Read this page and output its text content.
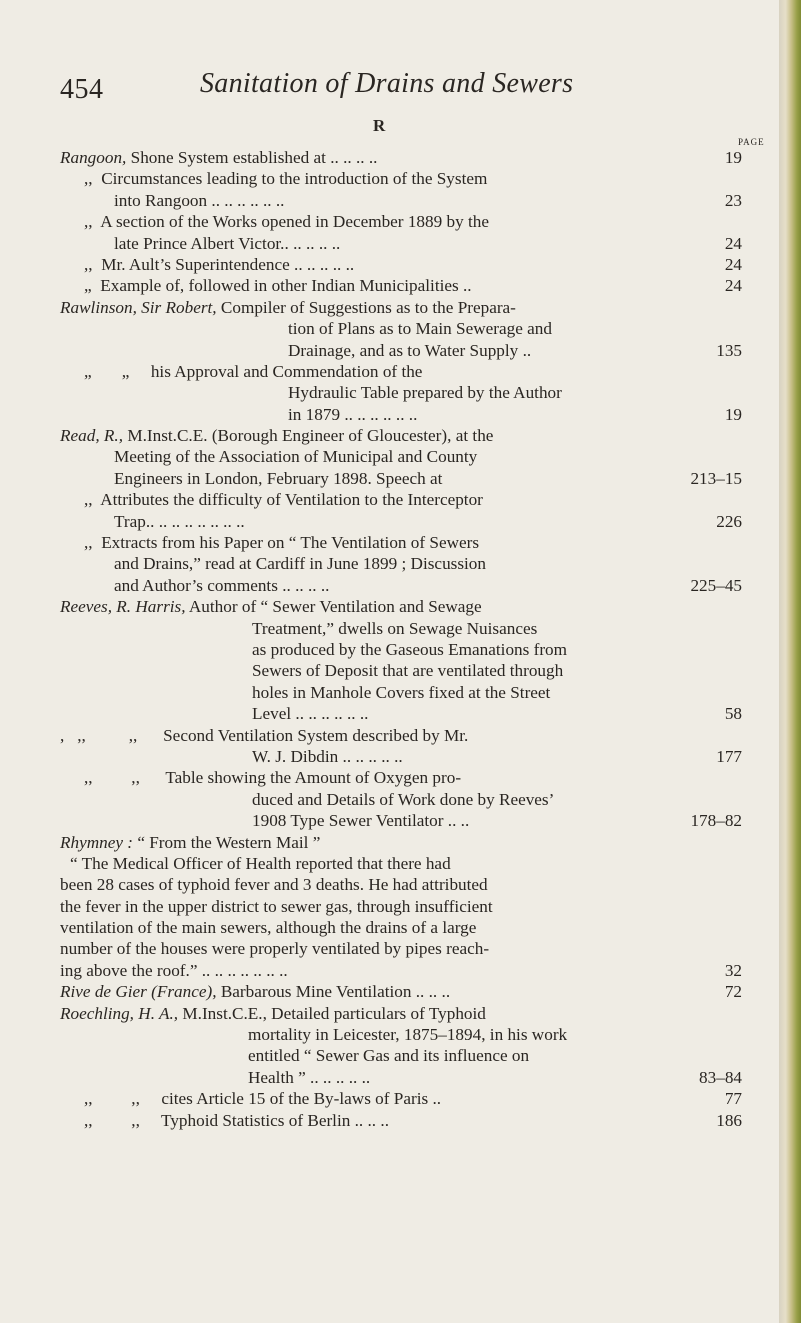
454	Sanitation of Drains and Sewers
R
PAGE
Rangoon, Shone System established at .. .. .. ..	19
,,  Circumstances leading to the introduction of the System
into Rangoon .. .. .. .. .. ..	23
,,  A section of the Works opened in December 1889 by the
late Prince Albert Victor.. .. .. .. ..	24
,,  Mr. Ault’s Superintendence .. .. .. .. ..	24
„  Example of, followed in other Indian Municipalities ..	24
Rawlinson, Sir Robert, Compiler of Suggestions as to the Prepara-
tion of Plans as to Main Sewerage and
Drainage, and as to Water Supply ..	135
„       „     his Approval and Commendation of the
Hydraulic Table prepared by the Author
in 1879 .. .. .. .. .. ..	19
Read, R., M.Inst.C.E. (Borough Engineer of Gloucester), at the
Meeting of the Association of Municipal and County
Engineers in London, February 1898. Speech at	213–15
,,  Attributes the difficulty of Ventilation to the Interceptor
Trap.. .. .. .. .. .. .. ..	226
,,  Extracts from his Paper on “ The Ventilation of Sewers
and Drains,” read at Cardiff in June 1899 ; Discussion
and Author’s comments .. .. .. ..	225–45
Reeves, R. Harris, Author of “ Sewer Ventilation and Sewage
Treatment,” dwells on Sewage Nuisances
as produced by the Gaseous Emanations from
Sewers of Deposit that are ventilated through
holes in Manhole Covers fixed at the Street
Level .. .. .. .. .. ..	58
,   ,,          ,,      Second Ventilation System described by Mr.
W. J. Dibdin .. .. .. .. ..	177
,,         ,,      Table showing the Amount of Oxygen pro-
duced and Details of Work done by Reeves’
1908 Type Sewer Ventilator .. ..	178–82
Rhymney : “ From the Western Mail ”
“ The Medical Officer of Health reported that there had
been 28 cases of typhoid fever and 3 deaths. He had attributed
the fever in the upper district to sewer gas, through insufficient
ventilation of the main sewers, although the drains of a large
number of the houses were properly ventilated by pipes reach-
ing above the roof.” .. .. .. .. .. .. ..	32
Rive de Gier (France), Barbarous Mine Ventilation .. .. ..	72
Roechling, H. A., M.Inst.C.E., Detailed particulars of Typhoid
mortality in Leicester, 1875–1894, in his work
entitled “ Sewer Gas and its influence on
Health ” .. .. .. .. ..	83–84
,,         ,,     cites Article 15 of the By-laws of Paris ..	77
,,         ,,     Typhoid Statistics of Berlin .. .. ..	186
